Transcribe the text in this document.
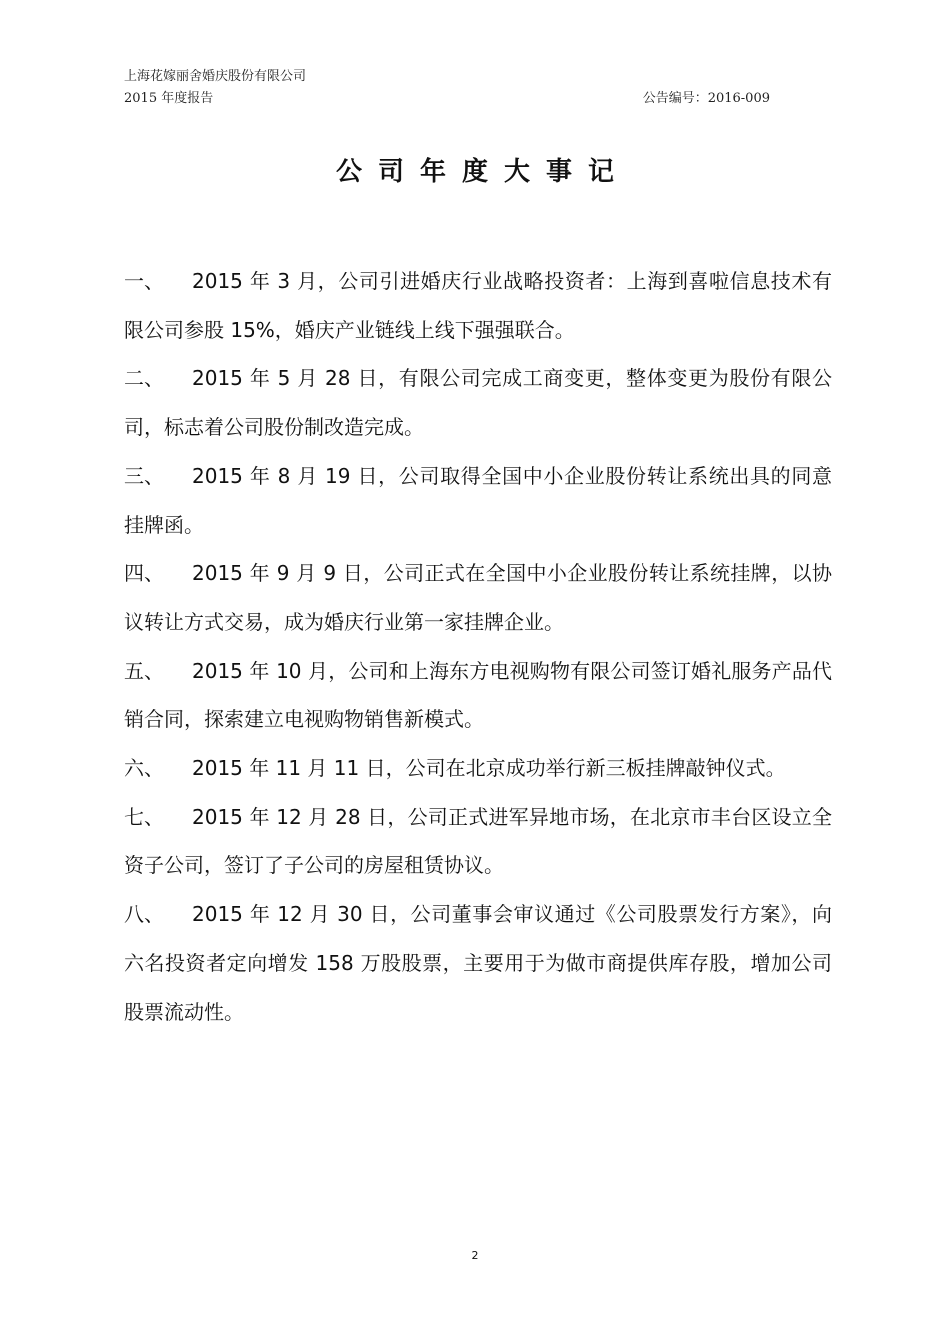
上海花嫁丽舍婚庆股份有限公司
2015 年度报告	公告编号：2016-009
公司年度大事记
一、 2015 年 3 月，公司引进婚庆行业战略投资者：上海到喜啦信息技术有限公司参股 15%，婚庆产业链线上线下强强联合。
二、 2015 年 5 月 28 日，有限公司完成工商变更，整体变更为股份有限公司，标志着公司股份制改造完成。
三、 2015 年 8 月 19 日，公司取得全国中小企业股份转让系统出具的同意挂牌函。
四、 2015 年 9 月 9 日，公司正式在全国中小企业股份转让系统挂牌，以协议转让方式交易，成为婚庆行业第一家挂牌企业。
五、 2015 年 10 月，公司和上海东方电视购物有限公司签订婚礼服务产品代销合同，探索建立电视购物销售新模式。
六、 2015 年 11 月 11 日，公司在北京成功举行新三板挂牌敲钟仪式。
七、 2015 年 12 月 28 日，公司正式进军异地市场，在北京市丰台区设立全资子公司，签订了子公司的房屋租赁协议。
八、 2015 年 12 月 30 日，公司董事会审议通过《公司股票发行方案》，向六名投资者定向增发 158 万股股票，主要用于为做市商提供库存股，增加公司股票流动性。
2
